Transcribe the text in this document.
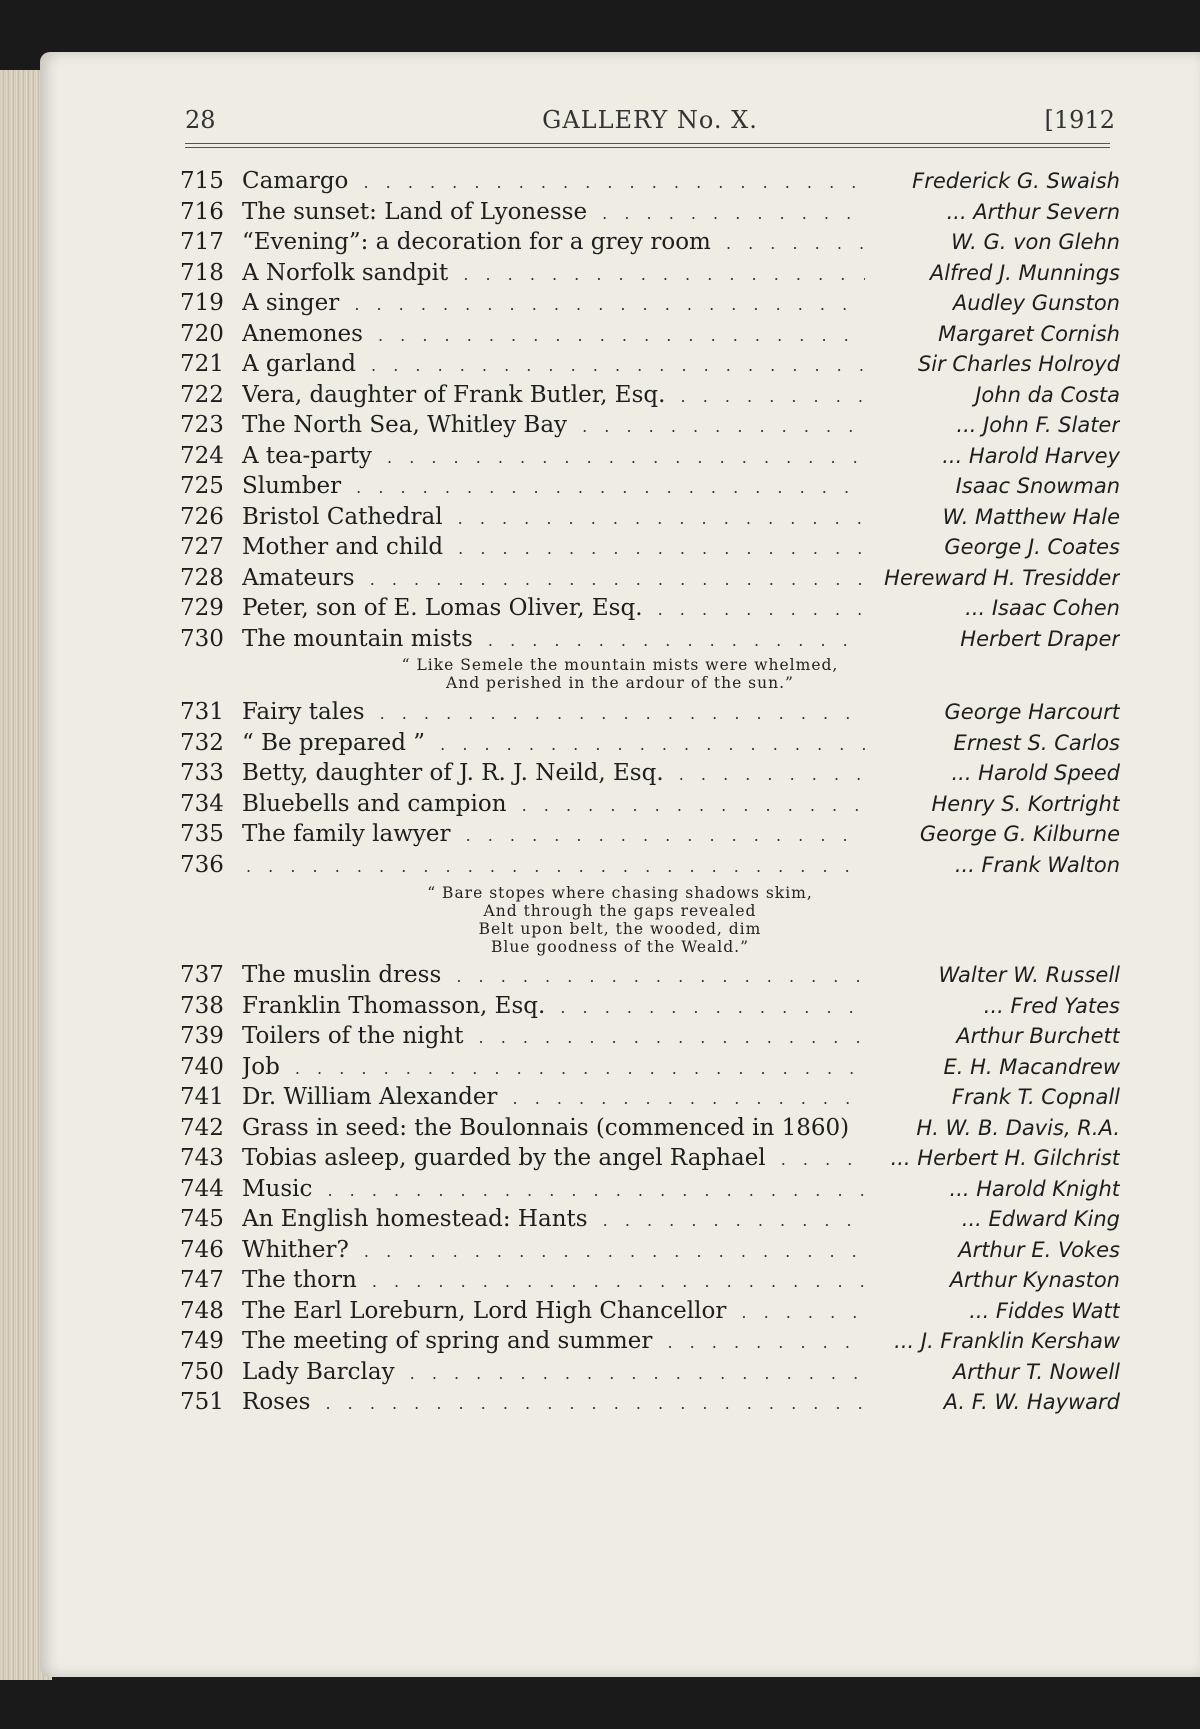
28	GALLERY No. X.	[1912
715 Camargo . . .	Frederick G. Swaish
716 The sunset: Land of Lyonesse . . .	... Arthur Severn
717 “Evening”: a decoration for a grey room . . .	W. G. von Glehn
718 A Norfolk sandpit . . .	Alfred J. Munnings
719 A singer . . .	Audley Gunston
720 Anemones . . .	Margaret Cornish
721 A garland . . .	Sir Charles Holroyd
722 Vera, daughter of Frank Butler, Esq. . . .	John da Costa
723 The North Sea, Whitley Bay . . .	... John F. Slater
724 A tea-party . . .	... Harold Harvey
725 Slumber . . .	Isaac Snowman
726 Bristol Cathedral . . .	W. Matthew Hale
727 Mother and child . . .	George J. Coates
728 Amateurs . . .	Hereward H. Tresidder
729 Peter, son of E. Lomas Oliver, Esq. . . .	... Isaac Cohen
730 The mountain mists . . .	Herbert Draper
“ Like Semele the mountain mists were whelmed,
And perished in the ardour of the sun.”
731 Fairy tales . . .	George Harcourt
732 “ Be prepared ” . . .	Ernest S. Carlos
733 Betty, daughter of J. R. J. Neild, Esq. . . .	... Harold Speed
734 Bluebells and campion . . .	Henry S. Kortright
735 The family lawyer . . .	George G. Kilburne
736
. . .	... Frank Walton
“ Bare stopes where chasing shadows skim,
And through the gaps revealed
Belt upon belt, the wooded, dim
Blue goodness of the Weald.”
737 The muslin dress . . .	Walter W. Russell
738 Franklin Thomasson, Esq. . . .	... Fred Yates
739 Toilers of the night . . .	Arthur Burchett
740 Job . . .	E. H. Macandrew
741 Dr. William Alexander . . .	Frank T. Copnall
742 Grass in seed: the Boulonnais (commenced in 1860) . . .	H. W. B. Davis, R.A.
743 Tobias asleep, guarded by the angel Raphael . . .	... Herbert H. Gilchrist
744 Music . . .	... Harold Knight
745 An English homestead: Hants . . .	... Edward King
746 Whither? . . .	Arthur E. Vokes
747 The thorn . . .	Arthur Kynaston
748 The Earl Loreburn, Lord High Chancellor . . .	... Fiddes Watt
749 The meeting of spring and summer . . .	... J. Franklin Kershaw
750 Lady Barclay . . .	Arthur T. Nowell
751 Roses . . .	A. F. W. Hayward
